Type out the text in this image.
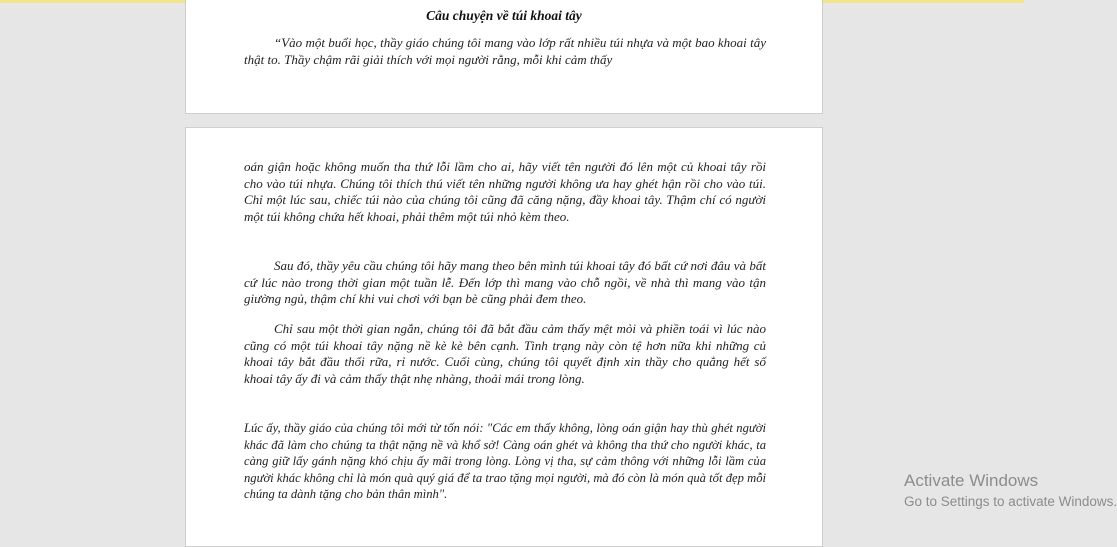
Câu chuyện về túi khoai tây

“Vào một buổi học, thầy giáo chúng tôi mang vào lớp rất nhiều túi nhựa và một bao khoai tây thật to. Thầy chậm rãi giải thích với mọi người rằng, mỗi khi cảm thấy

oán giận hoặc không muốn tha thứ lỗi lầm cho ai, hãy viết tên người đó lên một củ khoai tây rồi cho vào túi nhựa. Chúng tôi thích thú viết tên những người không ưa hay ghét hận rồi cho vào túi. Chỉ một lúc sau, chiếc túi nào của chúng tôi cũng đã căng nặng, đầy khoai tây. Thậm chí có người một túi không chứa hết khoai, phải thêm một túi nhỏ kèm theo.

Sau đó, thầy yêu cầu chúng tôi hãy mang theo bên mình túi khoai tây đó bất cứ nơi đâu và bất cứ lúc nào trong thời gian một tuần lễ. Đến lớp thì mang vào chỗ ngồi, về nhà thì mang vào tận giường ngủ, thậm chí khi vui chơi với bạn bè cũng phải đem theo.

Chỉ sau một thời gian ngắn, chúng tôi đã bắt đầu cảm thấy mệt mỏi và phiền toái vì lúc nào cũng có một túi khoai tây nặng nề kè kè bên cạnh. Tình trạng này còn tệ hơn nữa khi những củ khoai tây bắt đầu thối rữa, rỉ nước. Cuối cùng, chúng tôi quyết định xin thầy cho quẳng hết số khoai tây ấy đi và cảm thấy thật nhẹ nhàng, thoải mái trong lòng.

Lúc ấy, thầy giáo của chúng tôi mới từ tốn nói: "Các em thấy không, lòng oán giận hay thù ghét người khác đã làm cho chúng ta thật nặng nề và khổ sở! Càng oán ghét và không tha thứ cho người khác, ta càng giữ lấy gánh nặng khó chịu ấy mãi trong lòng. Lòng vị tha, sự cảm thông với những lỗi lầm của người khác không chỉ là món quà quý giá để ta trao tặng mọi người, mà đó còn là món quà tốt đẹp mỗi chúng ta dành tặng cho bản thân mình".

Activate Windows
Go to Settings to activate Windows.
